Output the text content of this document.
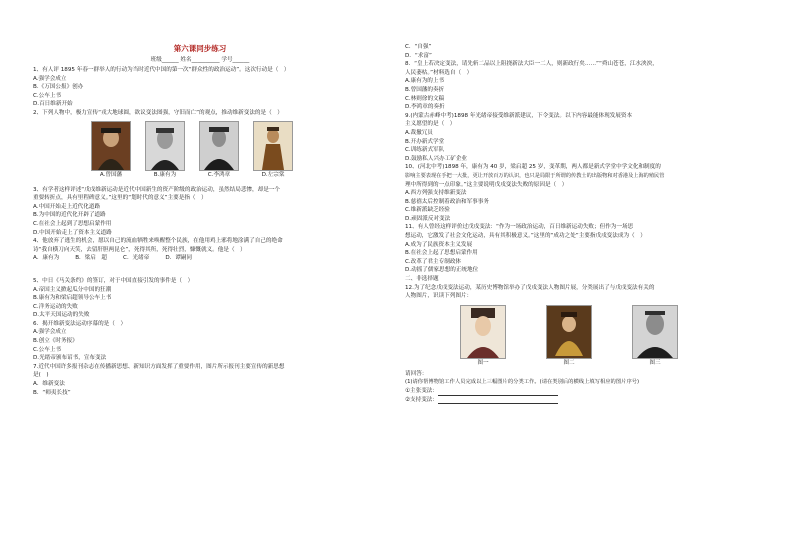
第六课同步练习
班级______ 姓名__________ 学号______
1、有人评 1895 年春一群举人的行动为当时近代中国的第一次“群众性的政治运动”。这次行动是（　）
A.强学会成立
B.《万国公报》创办
C.公车上书
D.百日维新开始
2、下列人物中，极力宣传“戎大地球圆，欲议变法图强，守旧而亡”的观点，推动维新变法的是（　）
A.曾国藩	B.康有为	C.李鸿章	D.左宗棠
3、有学者这样评述“戊戌维新运动是近代中国新生的资产阶级的政治运动，虽然结局悲惨，却是一个
重要转折点，具有里程碑意义。”这里的“划时代的意义”主要是指（　）
A.中国开始走上近代化道路
B.为中国的近代化开辟了道路
C.在社会上起到了思想启蒙作用
D.中国开始走上了资本主义道路
4、他放弃了逃生的机会，愿以自己的流血牺牲来唤醒整个民族，在他用鸡上邪将地涂满了自己的绝命
诗“我自横刀向天笑，去留肝胆两昆仑”，死得其所，死得壮烈，慷慨就义。他是（　）
A．康有为	B．梁启　超	C．光绪帝	D．谭嗣同
5、中日《马关条约》的签订，对于中国直接引发的事件是（　）
A.帝国主义掀起瓜分中国的狂潮
B.康有为和梁启超领导公车上书
C.洋务运动的失败
D.太平天国运动的失败
6．揭开维新变法运动序幕的是（　）
A.强学会成立
B.创立《时务报》
C.公车上书
D.光绪帝颁布诏书，宣布变法
7.近代中国许多报刊杂志在传播新思想、新知识方面发挥了重要作用，图片所示报刊主要宣传的新思想
是(　)
A．维新变法
B．“师夷长技”
C．“自强”
D．“求富”
8．“皇上若决定变法，请先斩二品以上阻挠新法大臣一二人，则新政行矣……”“舜山苍苍，江水泱泱，
人民萎枯。”材料选自（　）
A.康有为的上书
B.曾国藩的奏折
C.林则徐的文稿
D.李鸿章的奏折
9.(内蒙古赤峰中考)1898 年光绪帝接受维新派建议，下令变法。以下内容最能体现发展资本
主义愿望的是（　）
A.裁撤冗员
B.开办新式学堂
C.训练新式军队
D.鼓励私人兴办工矿企业
10、(河北中考)1898 年，康有为 40 岁，梁启超 25 岁，变革期，两人都是新式学堂中学文化和制度的
影响主要表现在手把一大批，更让开放百万的认识，也只是局限于所谓的传教士的出版物和对香港及上海的殖民管
理中所得到的一点印象。”这主要说明戊戌变法失败的原因是（　）
A.西方列强支持维新变法
B.慈禧太后控制着政治和军事事务
C.维新派缺乏经验
D.顽固派反对变法
11、有人曾经这样评价过戊戌变法：“作为一场政治运动，百日维新运动失败；但作为一场思
想运动，它激发了社会文化运动，具有其积极意义。”这里的“成功之处”主要指戊戌变法成为（　）
A.成为了民族资本主义发展
B.在社会上起了思想启蒙作用
C.改革了君主专制政体
D.动摇了儒家思想的正统地位
二、非选择题
12.为了纪念戊戌变法运动，某历史博物馆举办了戊戌变法人物图片展，分类展出了与戊戌变法有关的
人物图片，识读下列图片：
图一	图二	图三
请回答：
(1)请你帮博物馆工作人员完成以上三幅图片的分类工作。(请在类别后的横线上填写相应的图片序号)
①主张变法：
②支持变法：
